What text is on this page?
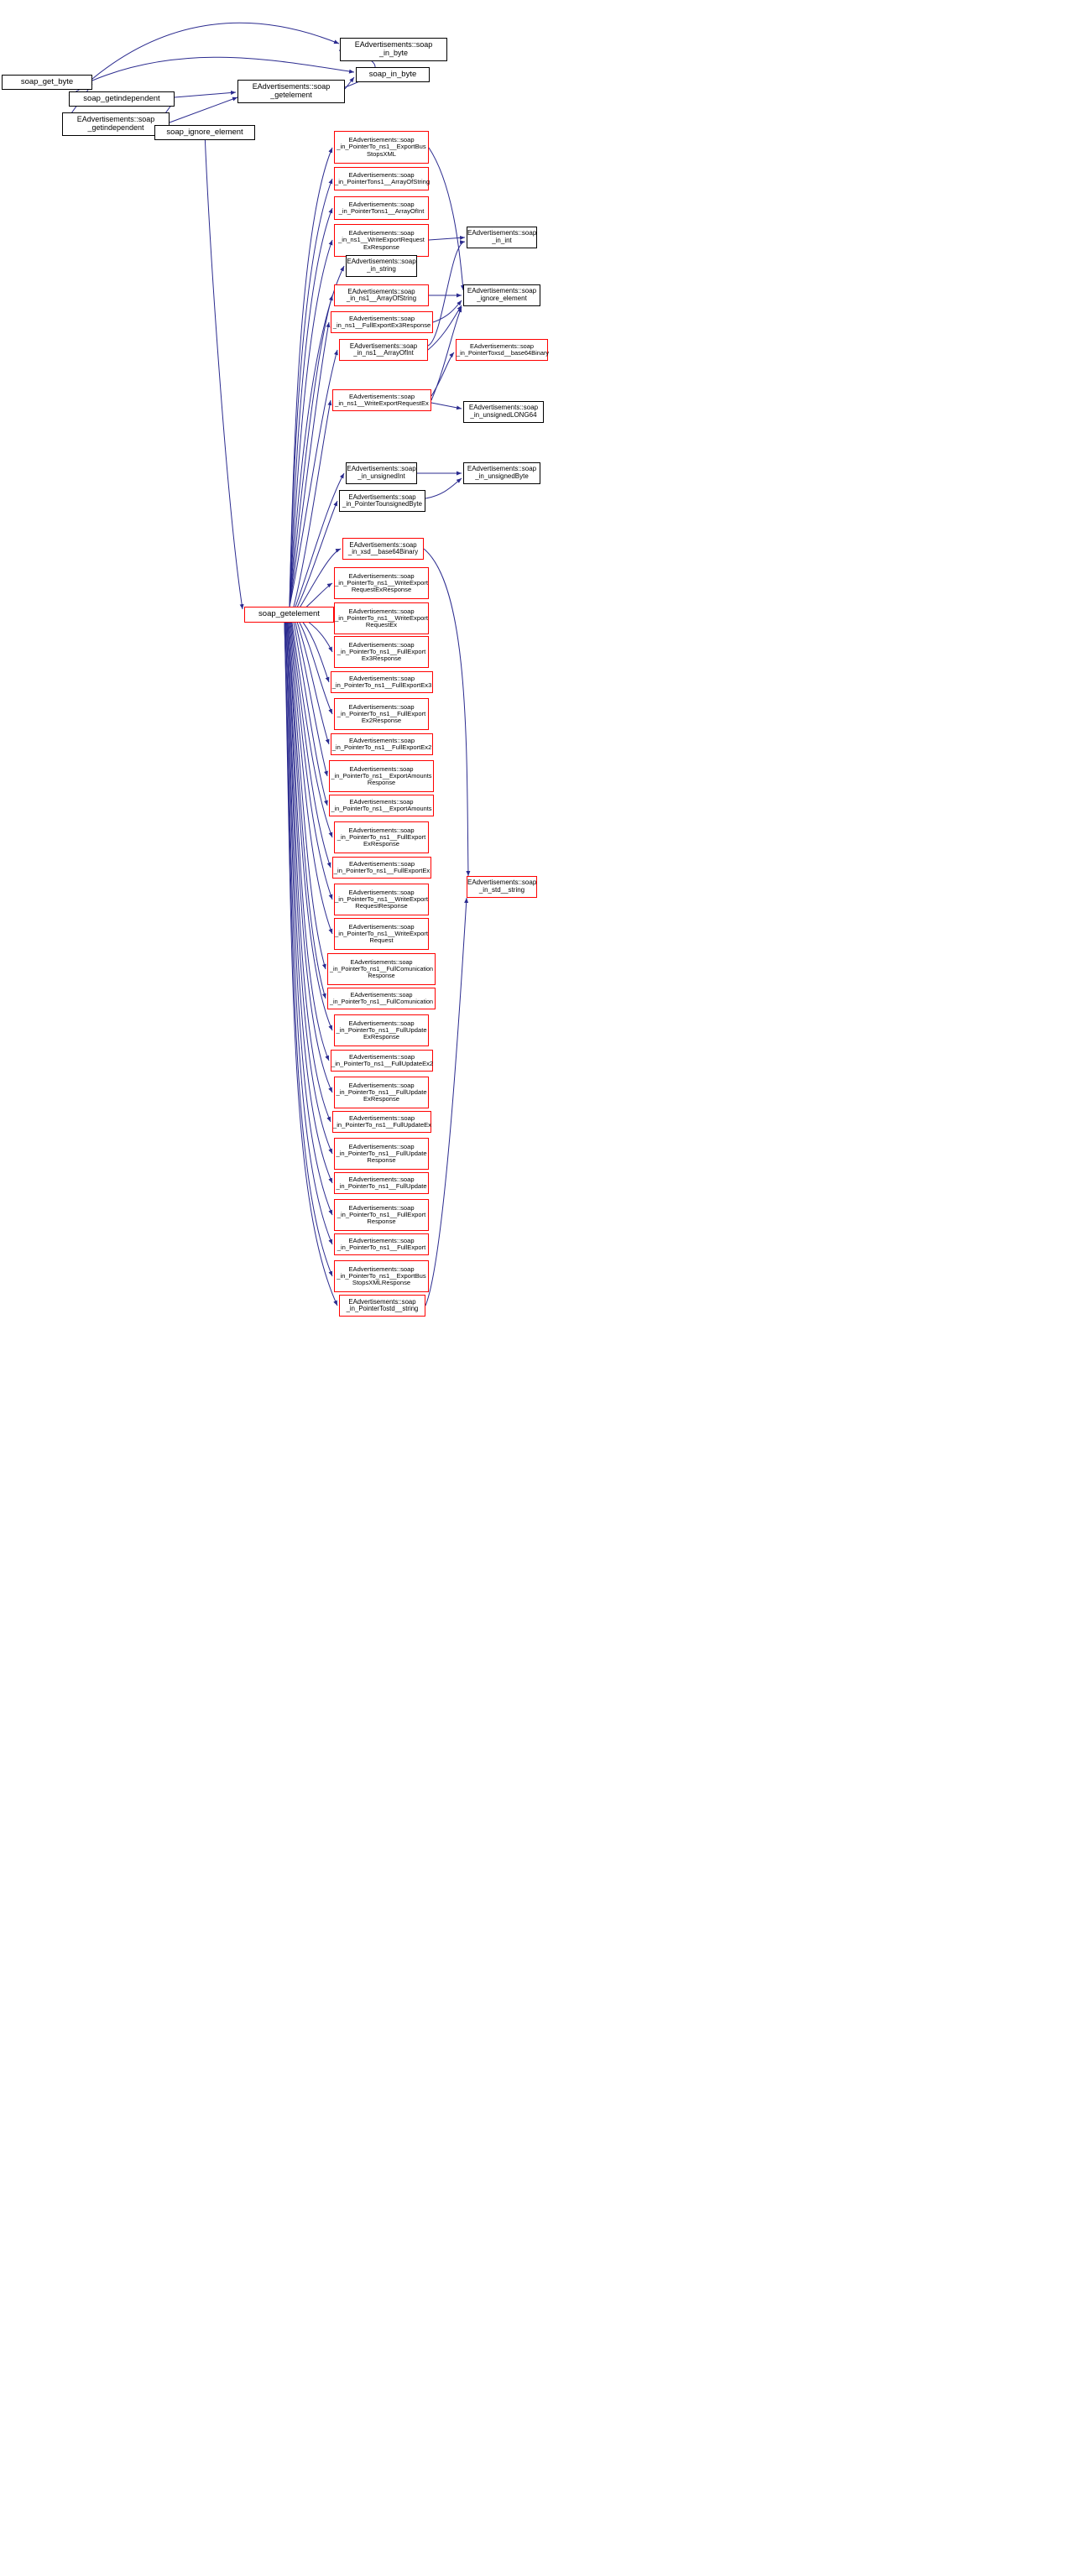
soap_get_byte
soap_getindependent
EAdvertisements::soap
_getindependent	soap_ignore_element
EAdvertisements::soap
_getelement
EAdvertisements::soap
_in_byte
soap_in_byte
soap_getelement
EAdvertisements::soap
_in_PointerTo_ns1__ExportBus
StopsXML
EAdvertisements::soap
_in_PointerTons1__ArrayOfString
EAdvertisements::soap
_in_PointerTons1__ArrayOfInt
EAdvertisements::soap
_in_ns1__WriteExportRequest
ExResponse
EAdvertisements::soap
_in_string
EAdvertisements::soap
_in_ns1__ArrayOfString
EAdvertisements::soap
_in_ns1__FullExportEx3Response
EAdvertisements::soap
_in_ns1__ArrayOfInt
EAdvertisements::soap
_in_ns1__WriteExportRequestEx
EAdvertisements::soap
_in_int
EAdvertisements::soap
_ignore_element
EAdvertisements::soap
_in_PointerToxsd__base64Binary
EAdvertisements::soap
_in_unsignedLONG64
EAdvertisements::soap
_in_unsignedInt
EAdvertisements::soap
_in_PointerTounsignedByte
EAdvertisements::soap
_in_unsignedByte
EAdvertisements::soap
_in_xsd__base64Binary
EAdvertisements::soap
_in_PointerTo_ns1__WriteExport
RequestExResponse
EAdvertisements::soap
_in_PointerTo_ns1__WriteExport
RequestEx
EAdvertisements::soap
_in_PointerTo_ns1__FullExport
Ex3Response
EAdvertisements::soap
_in_PointerTo_ns1__FullExportEx3
EAdvertisements::soap
_in_PointerTo_ns1__FullExport
Ex2Response
EAdvertisements::soap
_in_PointerTo_ns1__FullExportEx2
EAdvertisements::soap
_in_PointerTo_ns1__ExportAmounts
Response
EAdvertisements::soap
_in_PointerTo_ns1__ExportAmounts
EAdvertisements::soap
_in_PointerTo_ns1__FullExport
ExResponse
EAdvertisements::soap
_in_PointerTo_ns1__FullExportEx
EAdvertisements::soap
_in_PointerTo_ns1__WriteExport
RequestResponse
EAdvertisements::soap
_in_PointerTo_ns1__WriteExport
Request
EAdvertisements::soap
_in_PointerTo_ns1__FullComunication
Response
EAdvertisements::soap
_in_PointerTo_ns1__FullComunication
EAdvertisements::soap
_in_PointerTo_ns1__FullUpdate
ExResponse
EAdvertisements::soap
_in_PointerTo_ns1__FullUpdateEx2
EAdvertisements::soap
_in_PointerTo_ns1__FullUpdate
ExResponse
EAdvertisements::soap
_in_PointerTo_ns1__FullUpdateEx
EAdvertisements::soap
_in_PointerTo_ns1__FullUpdate
Response
EAdvertisements::soap
_in_PointerTo_ns1__FullUpdate
EAdvertisements::soap
_in_PointerTo_ns1__FullExport
Response
EAdvertisements::soap
_in_PointerTo_ns1__FullExport
EAdvertisements::soap
_in_PointerTo_ns1__ExportBus
StopsXMLResponse
EAdvertisements::soap
_in_PointerTostd__string
EAdvertisements::soap
_in_std__string
